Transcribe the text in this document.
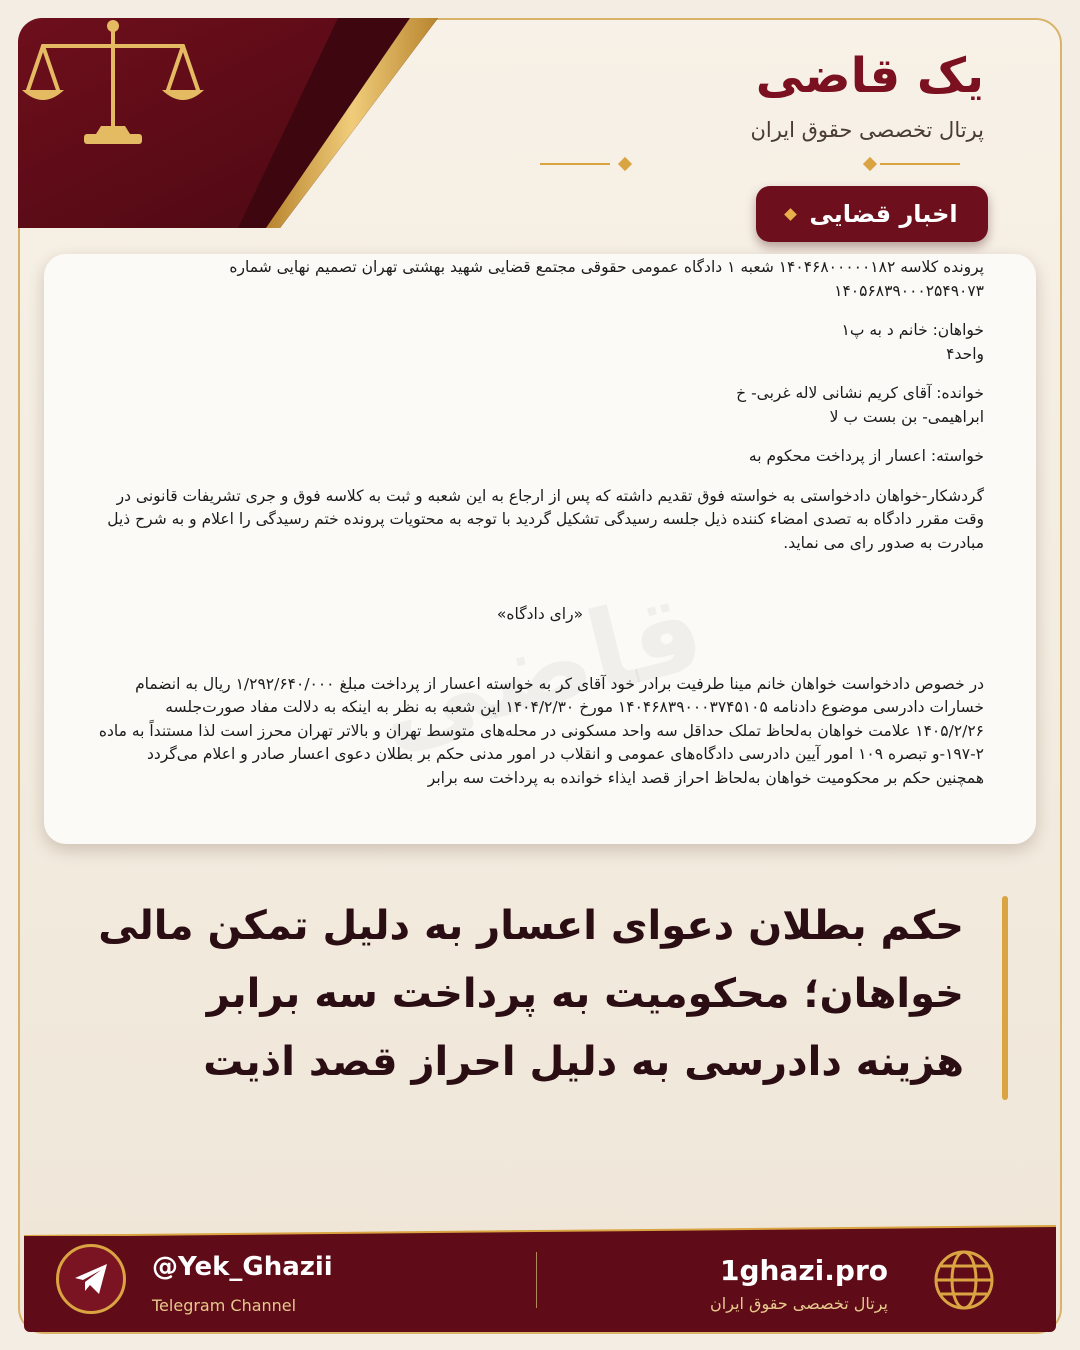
یک قاضی
پرتال تخصصی حقوق ایران
اخبار قضایی

پرونده کلاسه ۱۴۰۴۶۸۰۰۰۰۰۱۸۲ شعبه ۱ دادگاه عمومی حقوقی مجتمع قضایی شهید بهشتی تهران تصمیم نهایی شماره

۱۴۰۵۶۸۳۹۰۰۰۲۵۴۹۰۷۳

خواهان: خانم د به پ۱

واحد۴

خوانده: آقای کریم نشانی لاله غربی- خ

ابراهیمی- بن بست ب لا

خواسته: اعسار از پرداخت محکوم به

گردشکار-خواهان دادخواستی به خواسته فوق تقدیم داشته که پس از ارجاع به این شعبه و ثبت به کلاسه فوق و جری تشریفات قانونی در وقت مقرر دادگاه به تصدی امضاء کننده ذیل جلسه رسیدگی تشکیل گردید با توجه به محتویات پرونده ختم رسیدگی را اعلام و به شرح ذیل مبادرت به صدور رای می نماید.

«رای دادگاه»

در خصوص دادخواست خواهان خانم مینا طرفیت برادر خود آقای کر به خواسته اعسار از پرداخت مبلغ ۱/۲۹۲/۶۴۰/۰۰۰ ریال به انضمام خسارات دادرسی موضوع دادنامه ۱۴۰۴۶۸۳۹۰۰۰۳۷۴۵۱۰۵ مورخ ۱۴۰۴/۲/۳۰ این شعبه به نظر به اینکه به دلالت مفاد صورت‌جلسه ۱۴۰۵/۲/۲۶ علامت خواهان به‌لحاظ تملک حداقل سه واحد مسکونی در محله‌های متوسط تهران و بالاتر تهران محرز است لذا مستنداً به ماده ۲-۱۹۷-و تبصره ۱۰۹ امور آیین دادرسی دادگاه‌های عمومی و انقلاب در امور مدنی حکم بر بطلان دعوی اعسار صادر و اعلام می‌گردد همچنین حکم بر محکومیت خواهان به‌لحاظ احراز قصد ایذاء خوانده به پرداخت سه برابر

حکم بطلان دعوای اعسار به دلیل تمکن مالی
خواهان؛ محکومیت به پرداخت سه برابر
هزینه دادرسی به دلیل احراز قصد اذیت
@Yek_Ghazii
Telegram Channel
1ghazi.pro
پرتال تخصصی حقوق ایران
